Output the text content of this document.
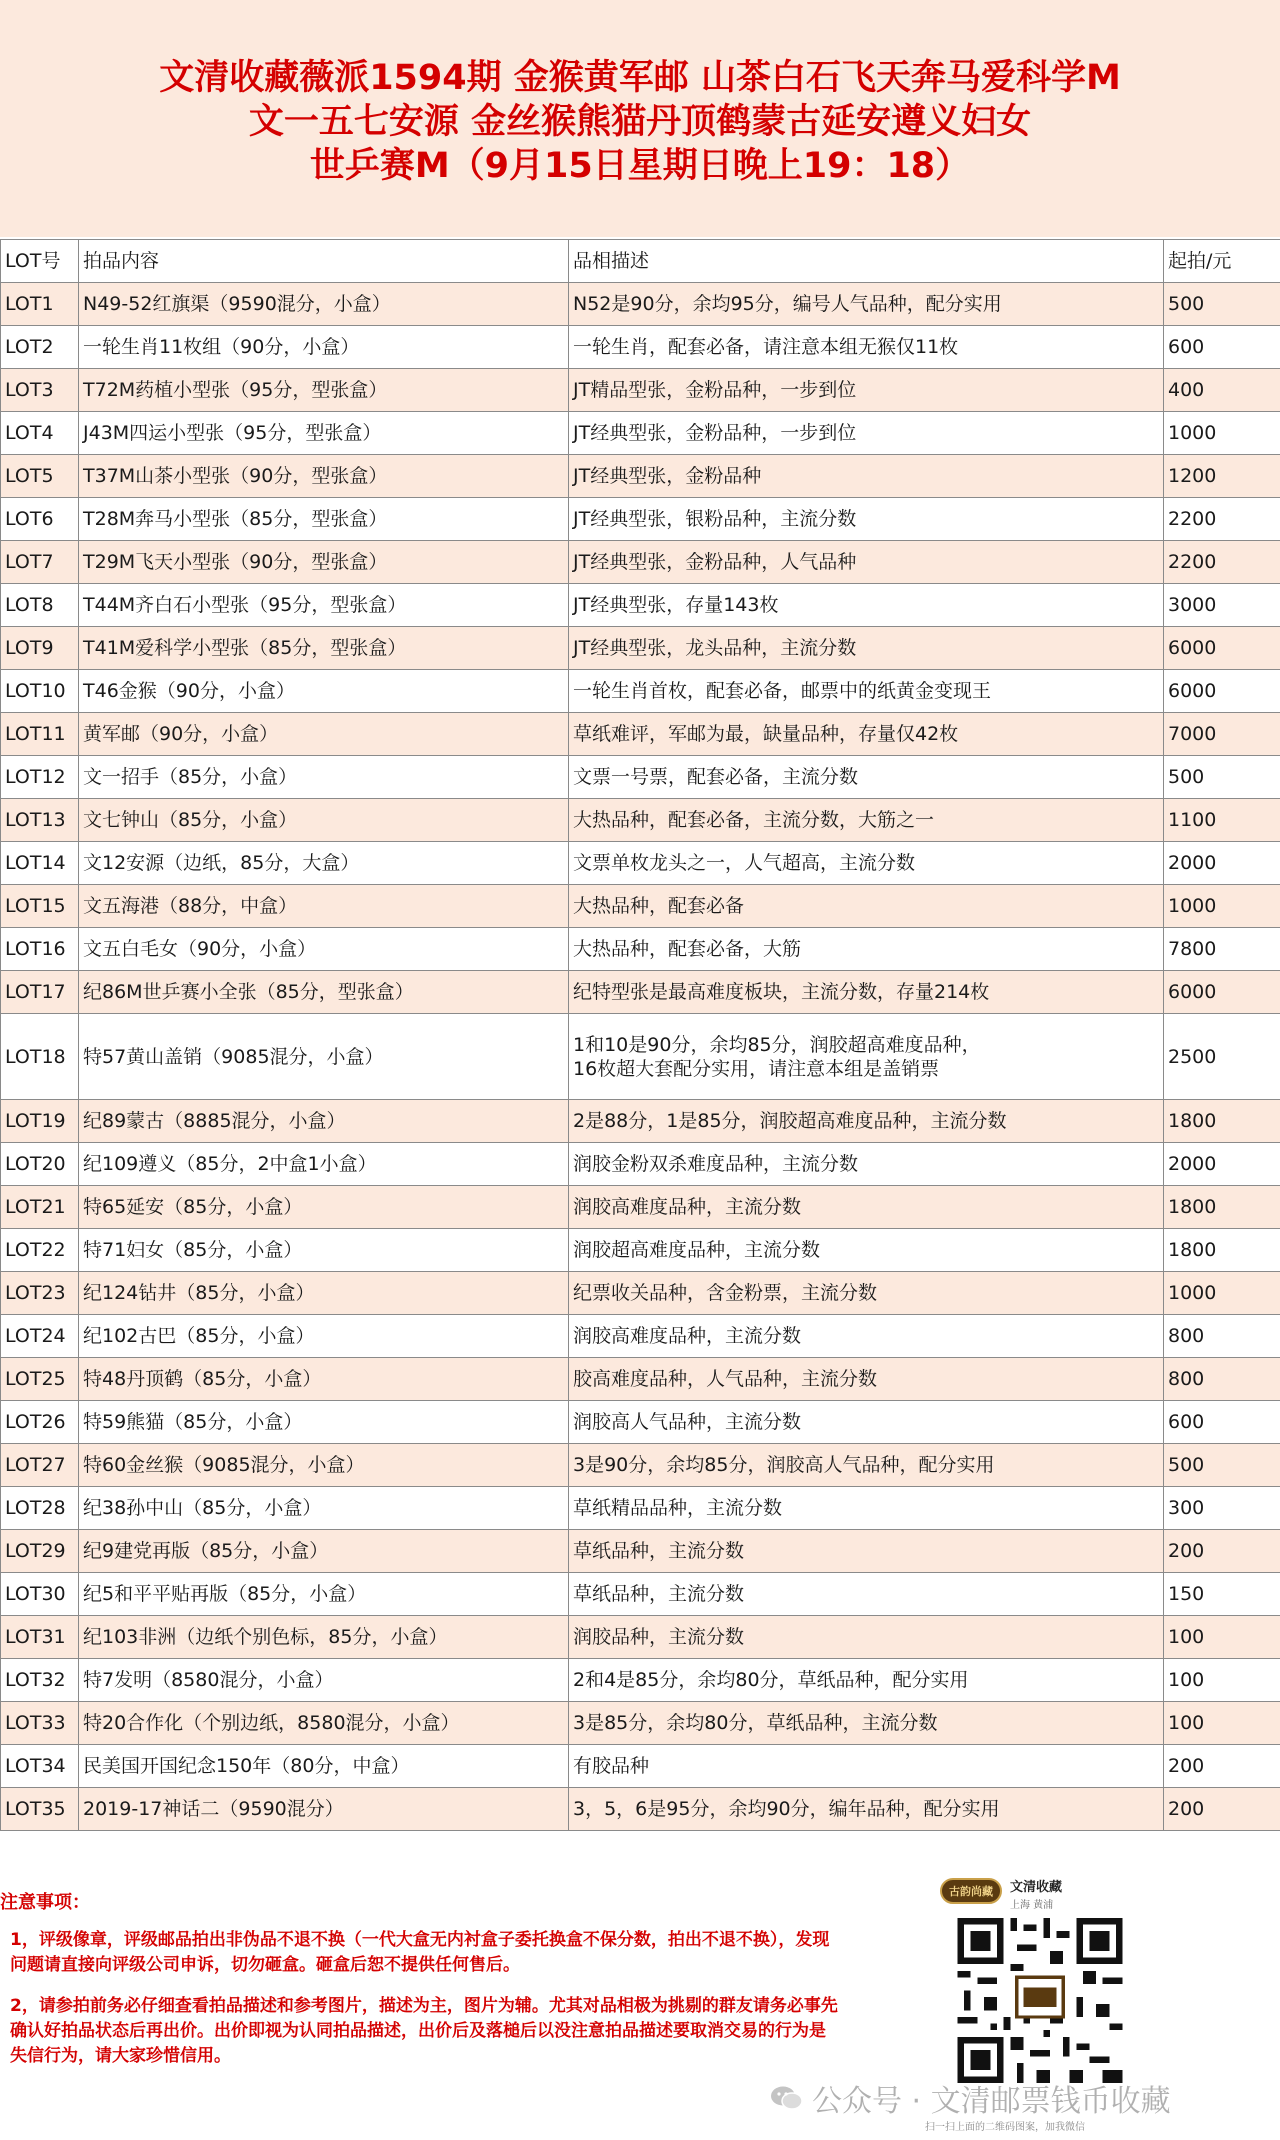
文清收藏薇派1594期 金猴黄军邮 山茶白石飞天奔马爱科学M
文一五七安源 金丝猴熊猫丹顶鹤蒙古延安遵义妇女
世乒赛M（9月15日星期日晚上19：18）
LOT号	拍品内容	品相描述	起拍/元
LOT1	N49-52红旗渠（9590混分，小盒）	N52是90分，余均95分，编号人气品种，配分实用	500
LOT2	一轮生肖11枚组（90分，小盒）	一轮生肖，配套必备，请注意本组无猴仅11枚	600
LOT3	T72M药植小型张（95分，型张盒）	JT精品型张，金粉品种，一步到位	400
LOT4	J43M四运小型张（95分，型张盒）	JT经典型张，金粉品种，一步到位	1000
LOT5	T37M山茶小型张（90分，型张盒）	JT经典型张，金粉品种	1200
LOT6	T28M奔马小型张（85分，型张盒）	JT经典型张，银粉品种，主流分数	2200
LOT7	T29M飞天小型张（90分，型张盒）	JT经典型张，金粉品种，人气品种	2200
LOT8	T44M齐白石小型张（95分，型张盒）	JT经典型张，存量143枚	3000
LOT9	T41M爱科学小型张（85分，型张盒）	JT经典型张，龙头品种，主流分数	6000
LOT10	T46金猴（90分，小盒）	一轮生肖首枚，配套必备，邮票中的纸黄金变现王	6000
LOT11	黄军邮（90分，小盒）	草纸难评，军邮为最，缺量品种，存量仅42枚	7000
LOT12	文一招手（85分，小盒）	文票一号票，配套必备，主流分数	500
LOT13	文七钟山（85分，小盒）	大热品种，配套必备，主流分数，大筋之一	1100
LOT14	文12安源（边纸，85分，大盒）	文票单枚龙头之一，人气超高，主流分数	2000
LOT15	文五海港（88分，中盒）	大热品种，配套必备	1000
LOT16	文五白毛女（90分，小盒）	大热品种，配套必备，大筋	7800
LOT17	纪86M世乒赛小全张（85分，型张盒）	纪特型张是最高难度板块，主流分数，存量214枚	6000
LOT18	特57黄山盖销（9085混分，小盒）	1和10是90分，余均85分，润胶超高难度品种，
16枚超大套配分实用，请注意本组是盖销票	2500
LOT19	纪89蒙古（8885混分，小盒）	2是88分，1是85分，润胶超高难度品种，主流分数	1800
LOT20	纪109遵义（85分，2中盒1小盒）	润胶金粉双杀难度品种，主流分数	2000
LOT21	特65延安（85分，小盒）	润胶高难度品种，主流分数	1800
LOT22	特71妇女（85分，小盒）	润胶超高难度品种，主流分数	1800
LOT23	纪124钻井（85分，小盒）	纪票收关品种，含金粉票，主流分数	1000
LOT24	纪102古巴（85分，小盒）	润胶高难度品种，主流分数	800
LOT25	特48丹顶鹤（85分，小盒）	胶高难度品种，人气品种，主流分数	800
LOT26	特59熊猫（85分，小盒）	润胶高人气品种，主流分数	600
LOT27	特60金丝猴（9085混分，小盒）	3是90分，余均85分，润胶高人气品种，配分实用	500
LOT28	纪38孙中山（85分，小盒）	草纸精品品种，主流分数	300
LOT29	纪9建党再版（85分，小盒）	草纸品种，主流分数	200
LOT30	纪5和平平贴再版（85分，小盒）	草纸品种，主流分数	150
LOT31	纪103非洲（边纸个别色标，85分，小盒）	润胶品种，主流分数	100
LOT32	特7发明（8580混分，小盒）	2和4是85分，余均80分，草纸品种，配分实用	100
LOT33	特20合作化（个别边纸，8580混分，小盒）	3是85分，余均80分，草纸品种，主流分数	100
LOT34	民美国开国纪念150年（80分，中盒）	有胶品种	200
LOT35	2019-17神话二（9590混分）	3，5，6是95分，余均90分，编年品种，配分实用	200
注意事项：
1，评级像章，评级邮品拍出非伪品不退不换（一代大盒无内衬盒子委托换盒不保分数，拍出不退不换），发现问题请直接向评级公司申诉，切勿砸盒。砸盒后恕不提供任何售后。
2，请参拍前务必仔细查看拍品描述和参考图片，描述为主，图片为辅。尤其对品相极为挑剔的群友请务必事先确认好拍品状态后再出价。出价即视为认同拍品描述，出价后及落槌后以没注意拍品描述要取消交易的行为是失信行为，请大家珍惜信用。
古韵尚藏	文清收藏
上海 黄浦
公众号 · 文清邮票钱币收藏
扫一扫上面的二维码图案，加我微信
